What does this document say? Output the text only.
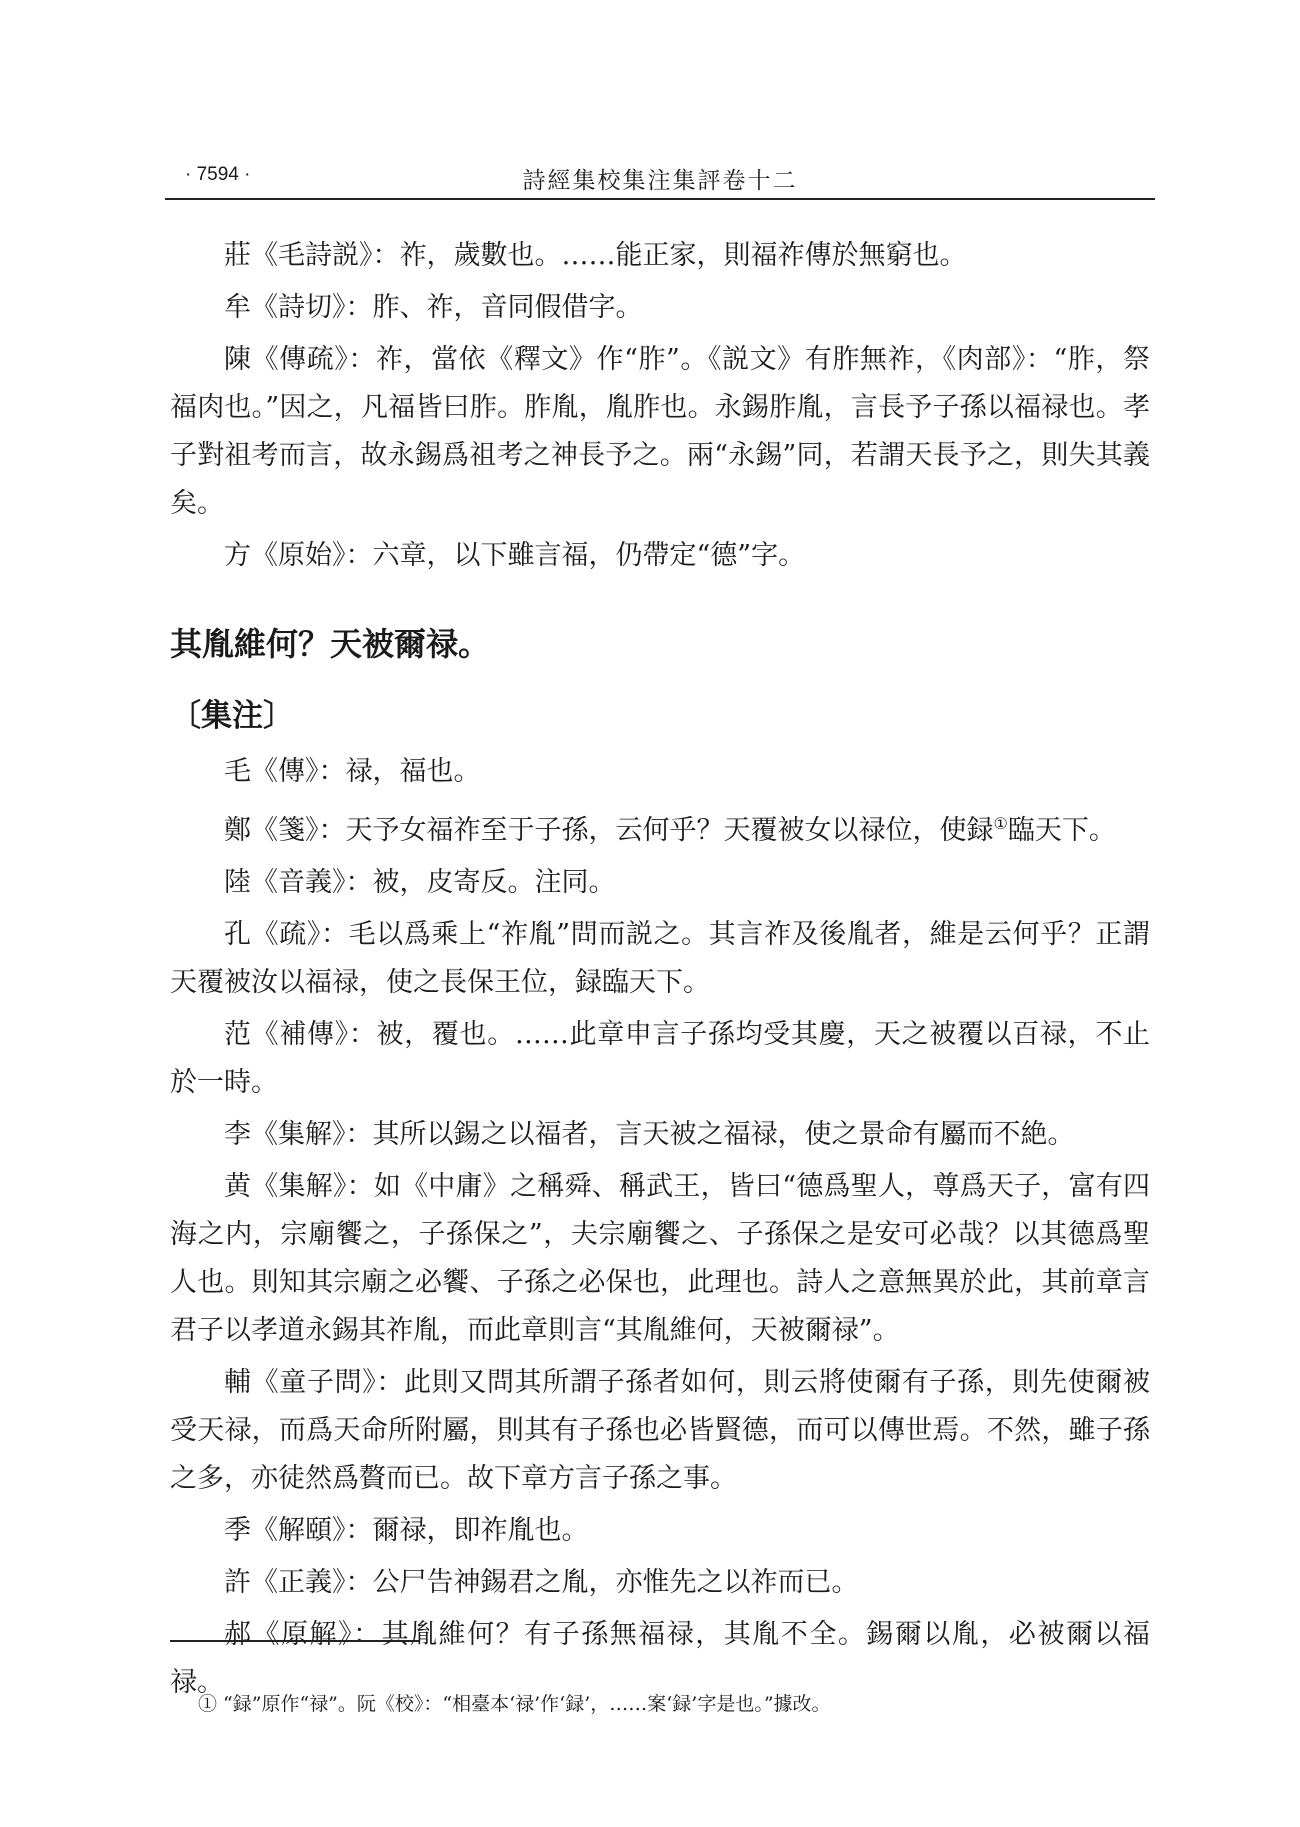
· 7594 ·	詩經集校集注集評卷十二

莊《毛詩説》：祚，歲數也。……能正家，則福祚傳於無窮也。

牟《詩切》：胙、祚，音同假借字。

陳《傳疏》：祚，當依《釋文》作“胙”。《説文》有胙無祚，《肉部》：“胙，祭福肉也。”因之，凡福皆曰胙。胙胤，胤胙也。永錫胙胤，言長予子孫以福禄也。孝子對祖考而言，故永錫爲祖考之神長予之。兩“永錫”同，若謂天長予之，則失其義矣。

方《原始》：六章，以下雖言福，仍帶定“德”字。

其胤維何？天被爾禄。
〔集注〕

毛《傳》：禄，福也。

鄭《箋》：天予女福祚至于子孫，云何乎？天覆被女以禄位，使録①臨天下。

陸《音義》：被，皮寄反。注同。

孔《疏》：毛以爲乘上“祚胤”問而説之。其言祚及後胤者，維是云何乎？正謂天覆被汝以福禄，使之長保王位，録臨天下。

范《補傳》：被，覆也。……此章申言子孫均受其慶，天之被覆以百禄，不止於一時。

李《集解》：其所以錫之以福者，言天被之福禄，使之景命有屬而不絶。

黄《集解》：如《中庸》之稱舜、稱武王，皆曰“德爲聖人，尊爲天子，富有四海之内，宗廟饗之，子孫保之”，夫宗廟饗之、子孫保之是安可必哉？以其德爲聖人也。則知其宗廟之必饗、子孫之必保也，此理也。詩人之意無異於此，其前章言君子以孝道永錫其祚胤，而此章則言“其胤維何，天被爾禄”。

輔《童子問》：此則又問其所謂子孫者如何，則云將使爾有子孫，則先使爾被受天禄，而爲天命所附屬，則其有子孫也必皆賢德，而可以傳世焉。不然，雖子孫之多，亦徒然爲贅而已。故下章方言子孫之事。

季《解頤》：爾禄，即祚胤也。

許《正義》：公尸告神錫君之胤，亦惟先之以祚而已。

郝《原解》：其胤維何？有子孫無福禄，其胤不全。錫爾以胤，必被爾以福禄。

① “録”原作“禄”。阮《校》：“相臺本‘禄’作‘録’，……案‘録’字是也。”據改。
